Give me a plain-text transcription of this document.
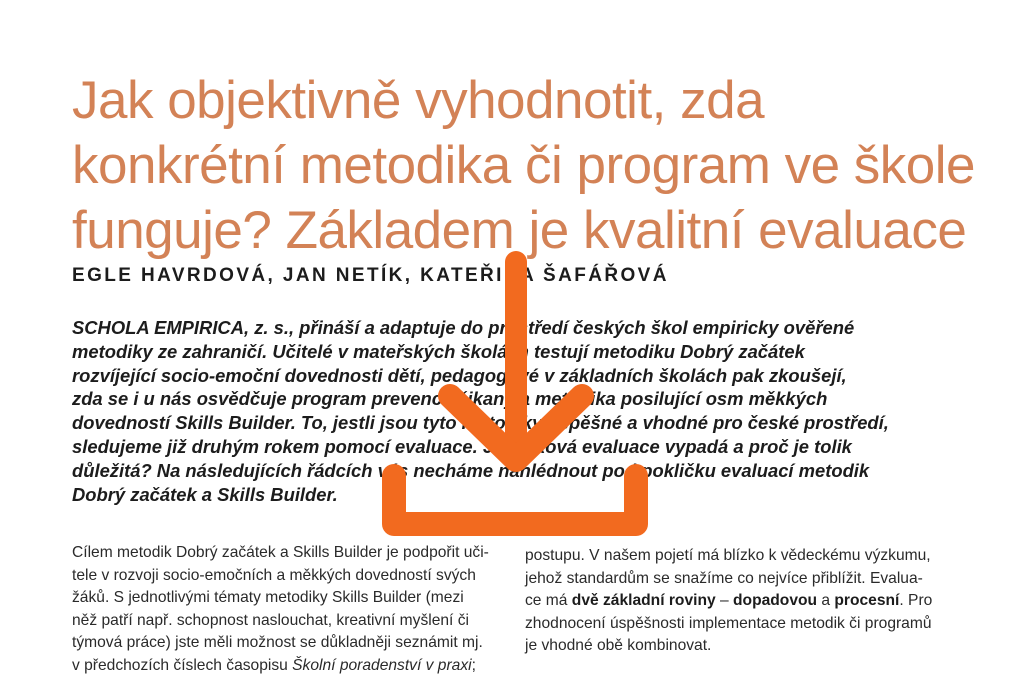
Jak objektivně vyhodnotit, zda
konkrétní metodika či program ve škole
funguje? Základem je kvalitní evaluace
EGLE HAVRDOVÁ, JAN NETÍK, KATEŘINA ŠAFÁŘOVÁ
SCHOLA EMPIRICA, z. s., přináší a adaptuje do prostředí českých škol empiricky ověřené
metodiky ze zahraničí. Učitelé v mateřských školách testují metodiku Dobrý začátek
rozvíjející socio-emoční dovednosti dětí, pedagogové v základních školách pak zkoušejí,
zda se i u nás osvědčuje program prevence šikany a metodika posilující osm měkkých
dovedností Skills Builder. To, jestli jsou tyto metodiky úspěšné a vhodné pro české prostředí,
sledujeme již druhým rokem pomocí evaluace. Jak taková evaluace vypadá a proč je tolik
důležitá? Na následujících řádcích vás necháme nahlédnout pod pokličku evaluací metodik
Dobrý začátek a Skills Builder.
Cílem metodik Dobrý začátek a Skills Builder je podpořit uči-
tele v rozvoji socio-emočních a měkkých dovedností svých
žáků. S jednotlivými tématy metodiky Skills Builder (mezi
něž patří např. schopnost naslouchat, kreativní myšlení či
týmová práce) jste měli možnost se důkladněji seznámit mj.
v předchozích číslech časopisu Školní poradenství v praxi;
postupu. V našem pojetí má blízko k vědeckému výzkumu,
jehož standardům se snažíme co nejvíce přiblížit. Evalua-
ce má dvě základní roviny – dopadovou a procesní. Pro
zhodnocení úspěšnosti implementace metodik či programů
je vhodné obě kombinovat.
